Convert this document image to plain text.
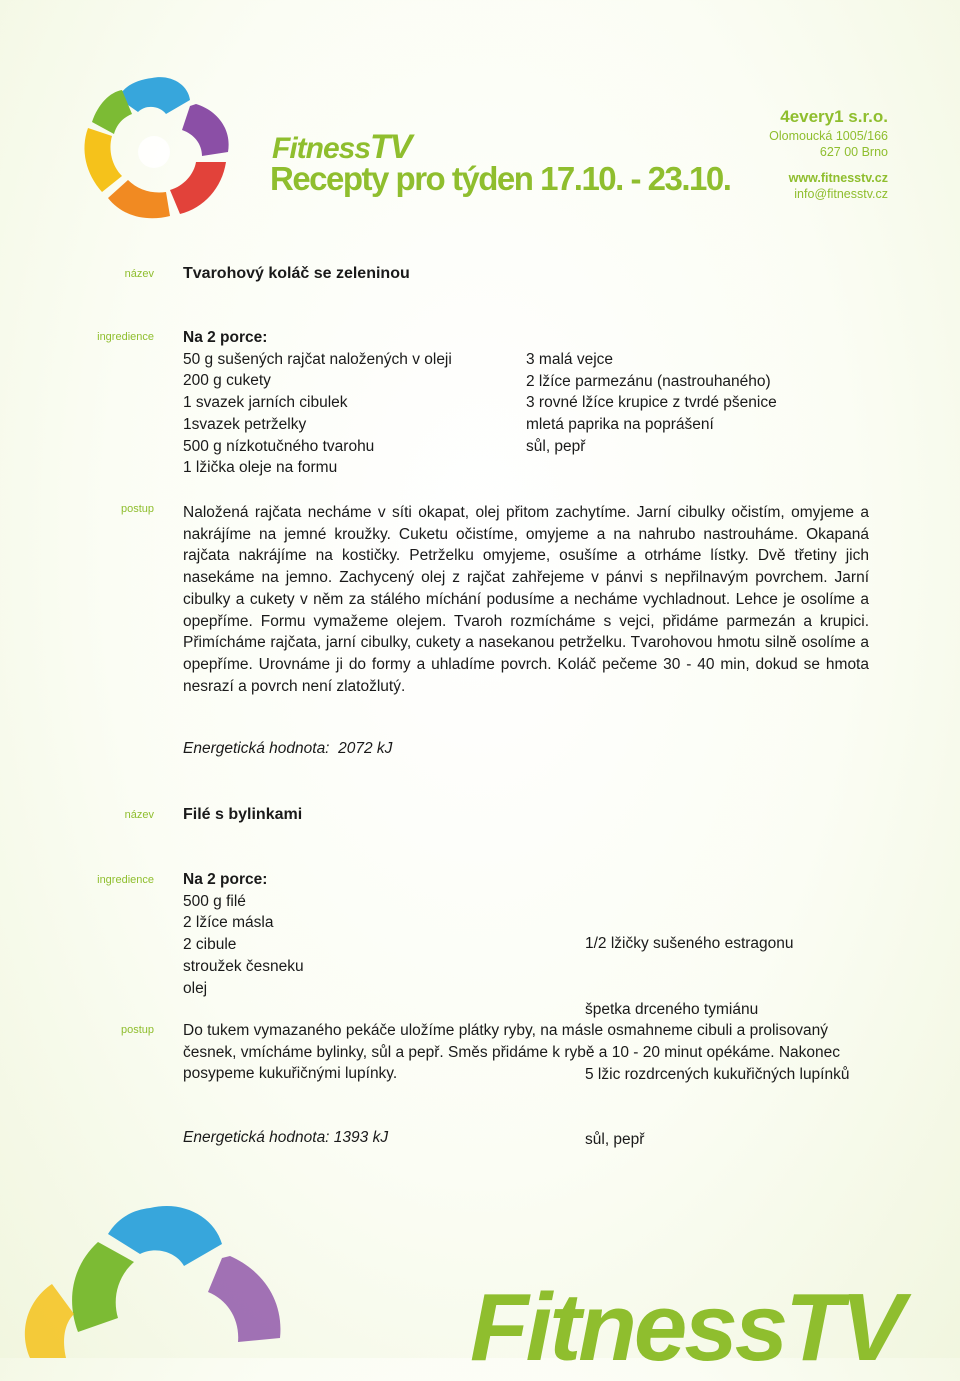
FitnessTV
Recepty pro týden 17.10. - 23.10.
4every1 s.r.o.
Olomoucká 1005/166
627 00 Brno
www.fitnesstv.cz
info@fitnesstv.cz
název Tvarohový koláč se zeleninou
ingredience Na 2 porce:
50 g sušených rajčat naložených v oleji
200 g cukety
1 svazek jarních cibulek
1svazek petrželky
500 g nízkotučného tvarohu
1 lžička oleje na formu
3 malá vejce
2 lžíce parmezánu (nastrouhaného)
3 rovné lžíce krupice z tvrdé pšenice
mletá paprika na poprášení
sůl, pepř
postup Naložená rajčata necháme v síti okapat, olej přitom zachytíme. Jarní cibulky očistím, omyjeme a nakrájíme na jemné kroužky. Cuketu očistíme, omyjeme a na nahrubo nastrouháme. Okapaná rajčata nakrájíme na kostičky. Petrželku omyjeme, osušíme a otrháme lístky. Dvě třetiny jich nasekáme na jemno. Zachycený olej z rajčat zahřejeme v pánvi s nepřilnavým povrchem. Jarní cibulky a cukety v něm za stálého míchání podusíme a necháme vychladnout. Lehce je osolíme a opepříme. Formu vymažeme olejem. Tvaroh rozmícháme s vejci, přidáme parmezán a krupici. Přimícháme rajčata, jarní cibulky, cukety a nasekanou petrželku. Tvarohovou hmotu silně osolíme a opepříme. Urovnáme ji do formy a uhladíme povrch. Koláč pečeme 30 - 40 min, dokud se hmota nesrazí a povrch není zlatožlutý.
Energetická hodnota:  2072 kJ
název Filé s bylinkami
ingredience Na 2 porce:
500 g filé
2 lžíce másla
2 cibule
stroužek česneku
olej

1/2 lžičky sušeného estragonu

špetka drceného tymiánu

5 lžic rozdrcených kukuřičných lupínků

sůl, pepř

postup Do tukem vymazaného pekáče uložíme plátky ryby, na másle osmahneme cibuli a prolisovaný česnek, vmícháme bylinky, sůl a pepř. Směs přidáme k rybě a 10 - 20 minut opékáme. Nakonec posypeme kukuřičnými lupínky.
Energetická hodnota: 1393 kJ
FitnessTV
